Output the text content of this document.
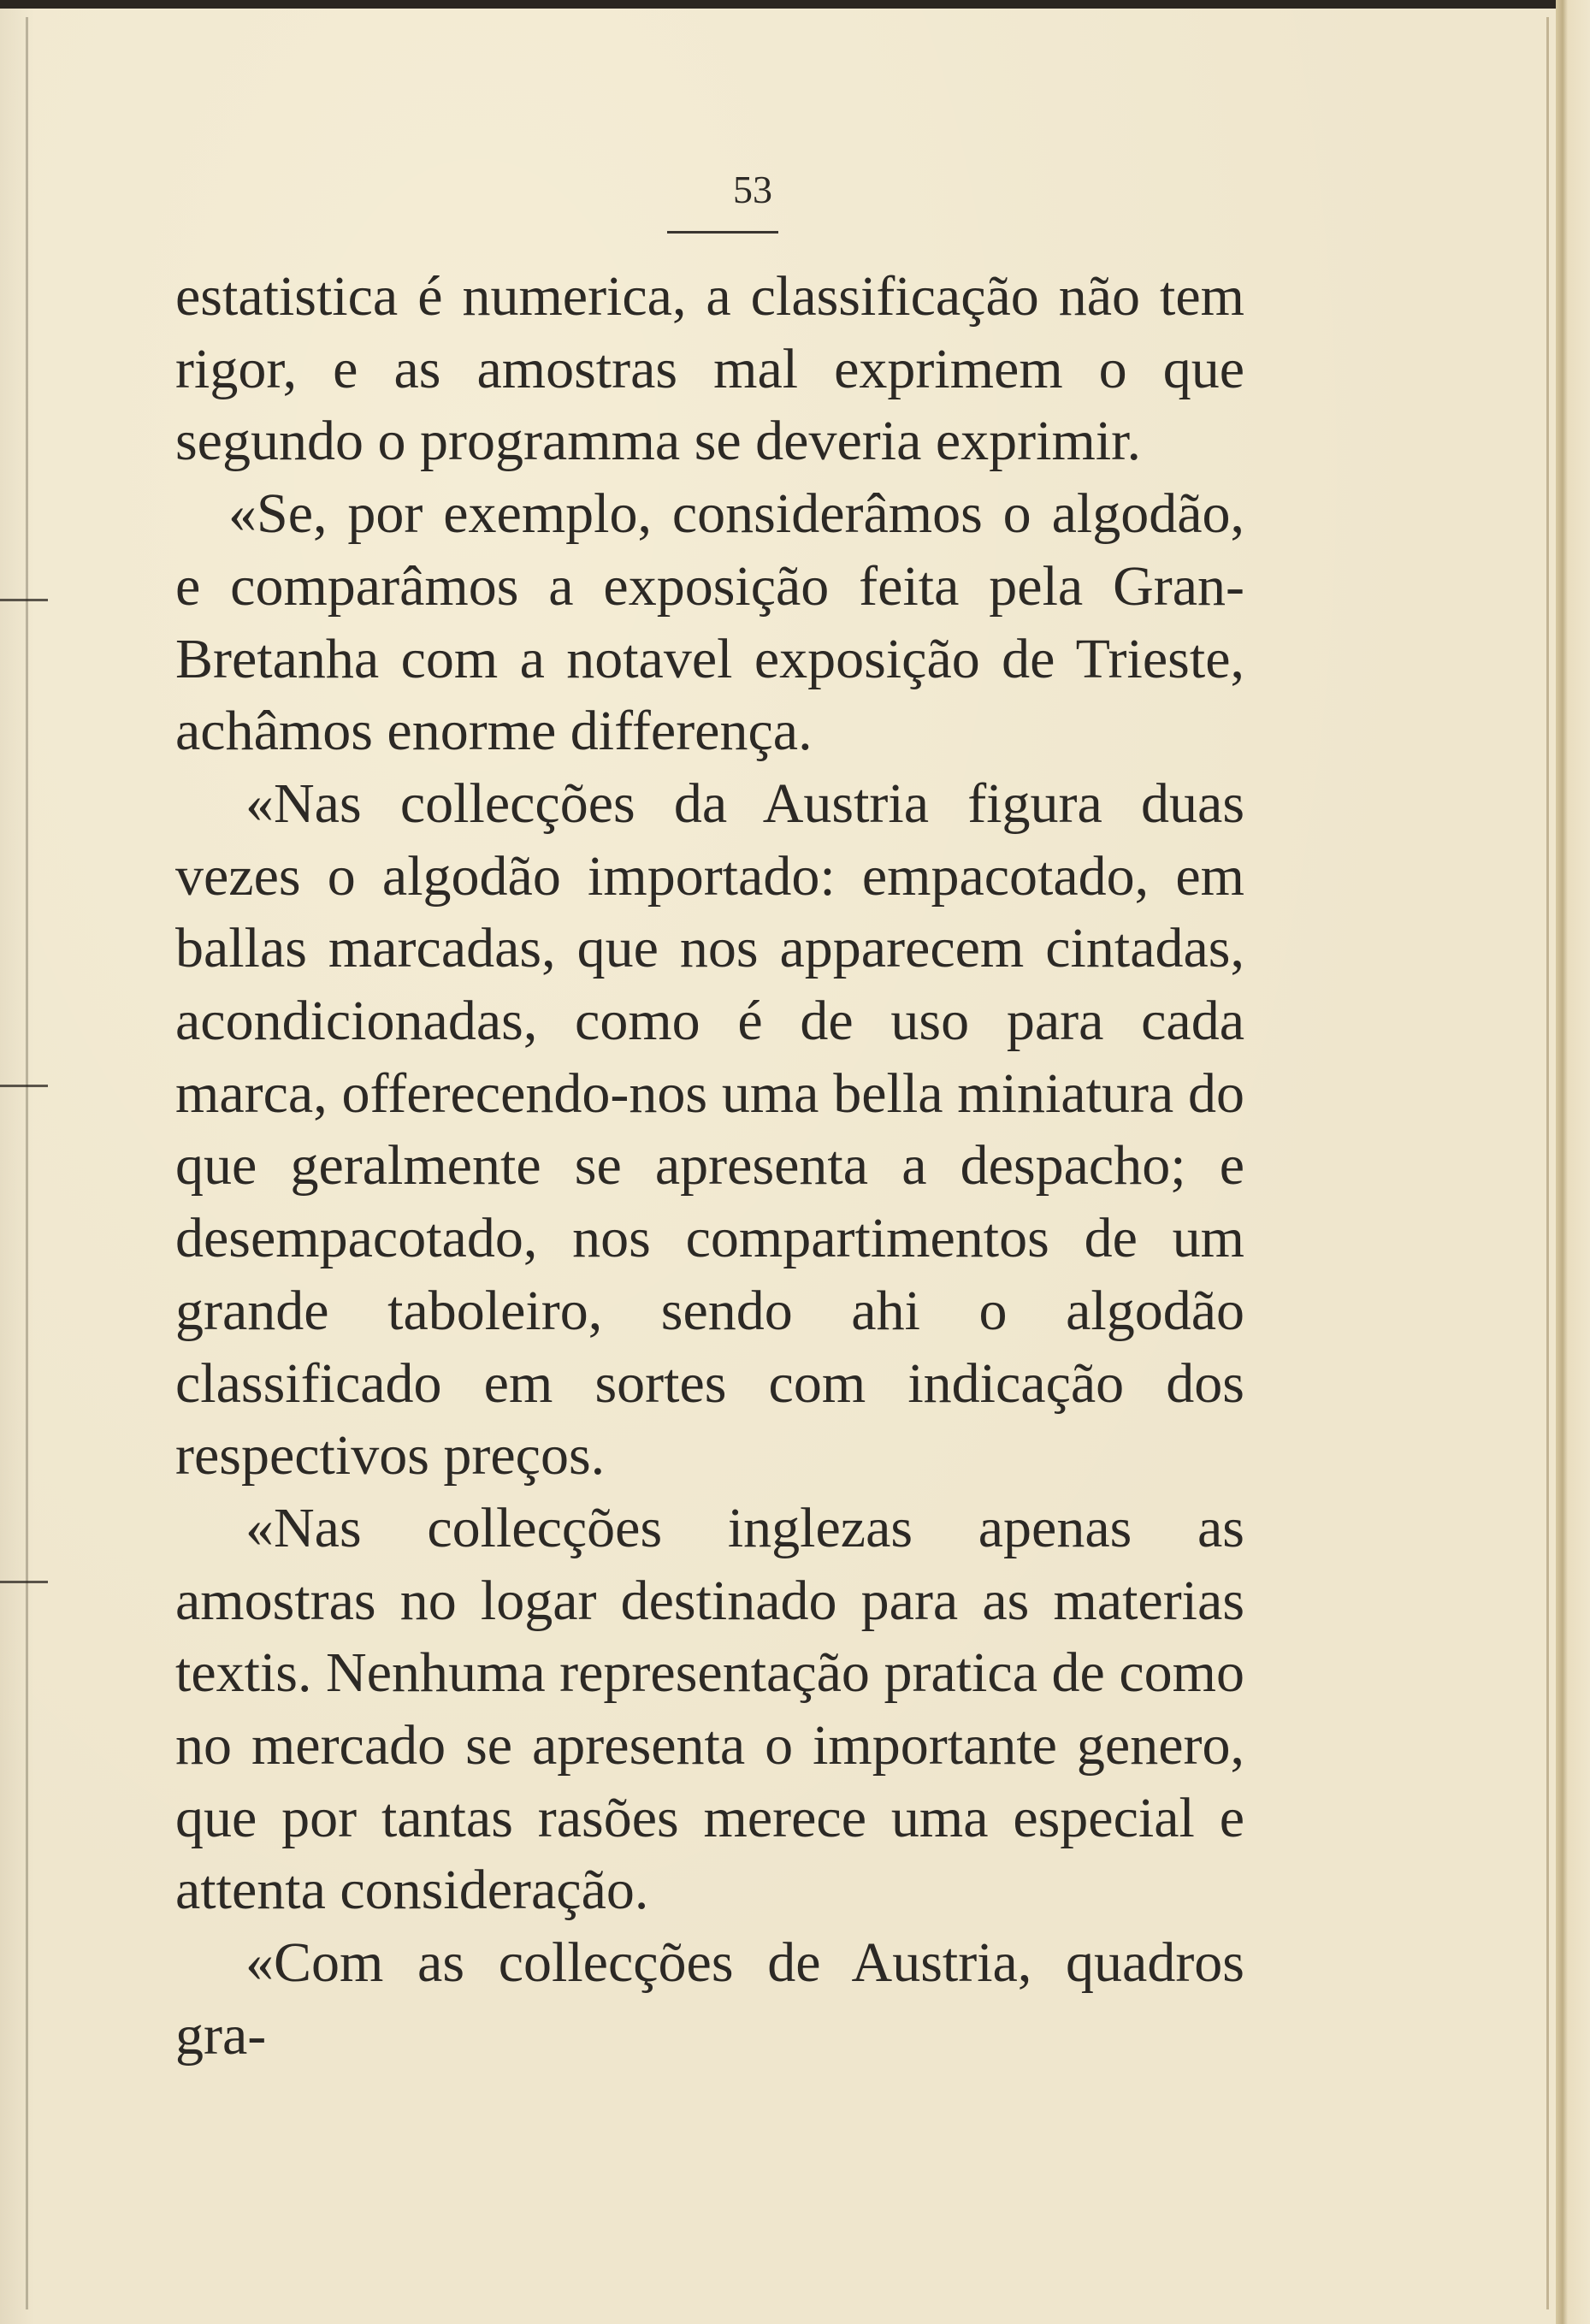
53

estatistica é numerica, a classificação não tem rigor, e as amostras mal exprimem o que segundo o programma se deveria exprimir.

«Se, por exemplo, considerâmos o algodão, e comparâmos a exposição feita pela Gran-Bretanha com a notavel exposição de Trieste, achâmos enorme differença.

«Nas collecções da Austria figura duas vezes o algodão importado: empacotado, em ballas marcadas, que nos apparecem cintadas, acondicionadas, como é de uso para cada marca, offerecendo-nos uma bella miniatura do que geralmente se apresenta a despacho; e desempacotado, nos compartimentos de um grande taboleiro, sendo ahi o algodão classificado em sortes com indicação dos respectivos preços.

«Nas collecções inglezas apenas as amostras no logar destinado para as materias textis. Nenhuma representação pratica de como no mercado se apresenta o importante genero, que por tantas rasões merece uma especial e attenta consideração.

«Com as collecções de Austria, quadros gra-
